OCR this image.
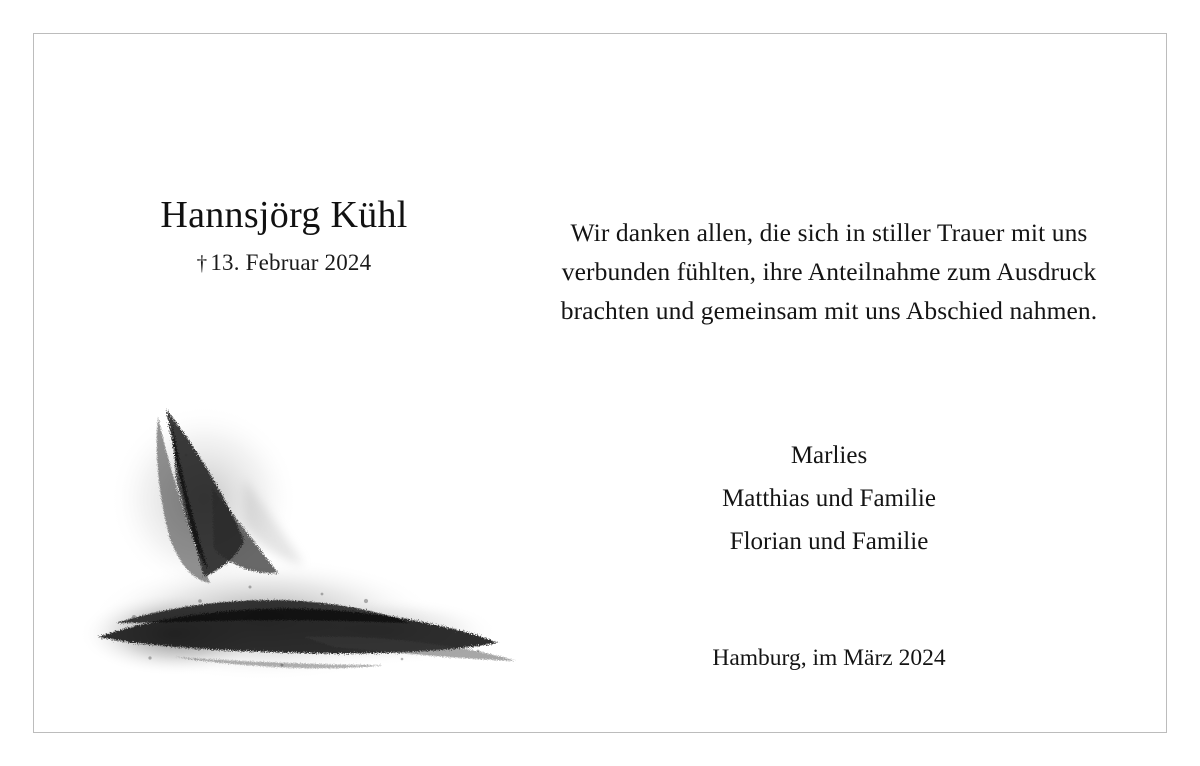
Hannsjörg Kühl
† 13. Februar 2024

Wir danken allen, die sich in stiller Trauer mit uns

verbunden fühlten, ihre Anteilnahme zum Ausdruck

brachten und gemeinsam mit uns Abschied nahmen.

Marlies
Matthias und Familie
Florian und Familie
Hamburg, im März 2024
